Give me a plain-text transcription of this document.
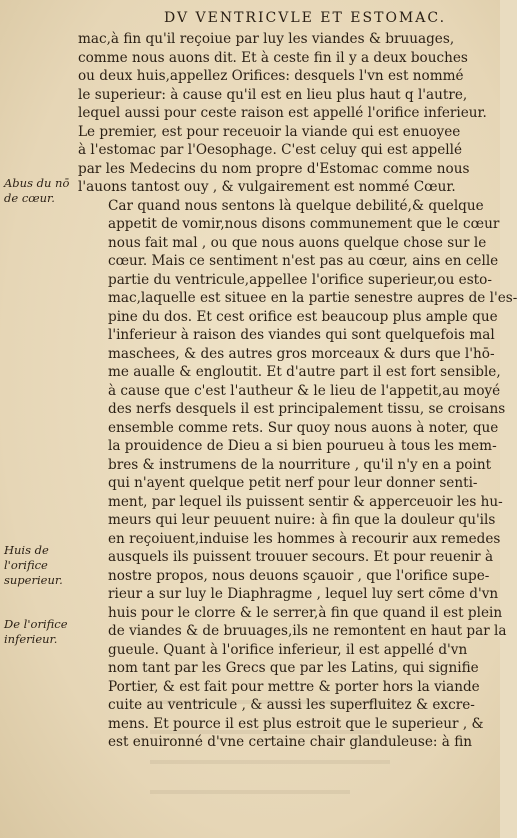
DV VENTRICVLE ET ESTOMAC.
mac,à fin qu'il reçoiue par luy les viandes & bruuages,
comme nous auons dit. Et à ceste fin il y a deux bouches
ou deux huis,appellez Orifices: desquels l'vn est nommé
le superieur: à cause qu'il est en lieu plus haut q l'autre,
lequel aussi pour ceste raison est appellé l'orifice inferieur.
Le premier, est pour receuoir la viande qui est enuoyee
à l'estomac par l'Oesophage. C'est celuy qui est appellé
par les Medecins du nom propre d'Estomac comme nous
l'auons tantost ouy , & vulgairement est nommé Cœur.
Car quand nous sentons là quelque debilité,& quelque
appetit de vomir,nous disons communement que le cœur
nous fait mal , ou que nous auons quelque chose sur le
cœur. Mais ce sentiment n'est pas au cœur, ains en celle
partie du ventricule,appellee l'orifice superieur,ou esto-
mac,laquelle est situee en la partie senestre aupres de l'es-
pine du dos. Et cest orifice est beaucoup plus ample que
l'inferieur à raison des viandes qui sont quelquefois mal
maschees, & des autres gros morceaux & durs que l'hō-
me aualle & engloutit. Et d'autre part il est fort sensible,
à cause que c'est l'autheur & le lieu de l'appetit,au moyé
des nerfs desquels il est principalement tissu, se croisans
ensemble comme rets. Sur quoy nous auons à noter, que
la prouidence de Dieu a si bien pourueu à tous les mem-
bres & instrumens de la nourriture , qu'il n'y en a point
qui n'ayent quelque petit nerf pour leur donner senti-
ment, par lequel ils puissent sentir & apperceuoir les hu-
meurs qui leur peuuent nuire: à fin que la douleur qu'ils
en reçoiuent,induise les hommes à recourir aux remedes
ausquels ils puissent trouuer secours. Et pour reuenir à
nostre propos, nous deuons sçauoir , que l'orifice supe-
rieur a sur luy le Diaphragme , lequel luy sert cōme d'vn
huis pour le clorre & le serrer,à fin que quand il est plein
de viandes & de bruuages,ils ne remontent en haut par la
gueule. Quant à l'orifice inferieur, il est appellé d'vn
nom tant par les Grecs que par les Latins, qui signifie
Portier, & est fait pour mettre & porter hors la viande
cuite au ventricule , & aussi les superfluitez & excre-
mens. Et pource il est plus estroit que le superieur , &
est enuironné d'vne certaine chair glanduleuse: à fin
Abus du nō de cœur.
Huis de l'orifice superieur.
De l'orifice inferieur.
